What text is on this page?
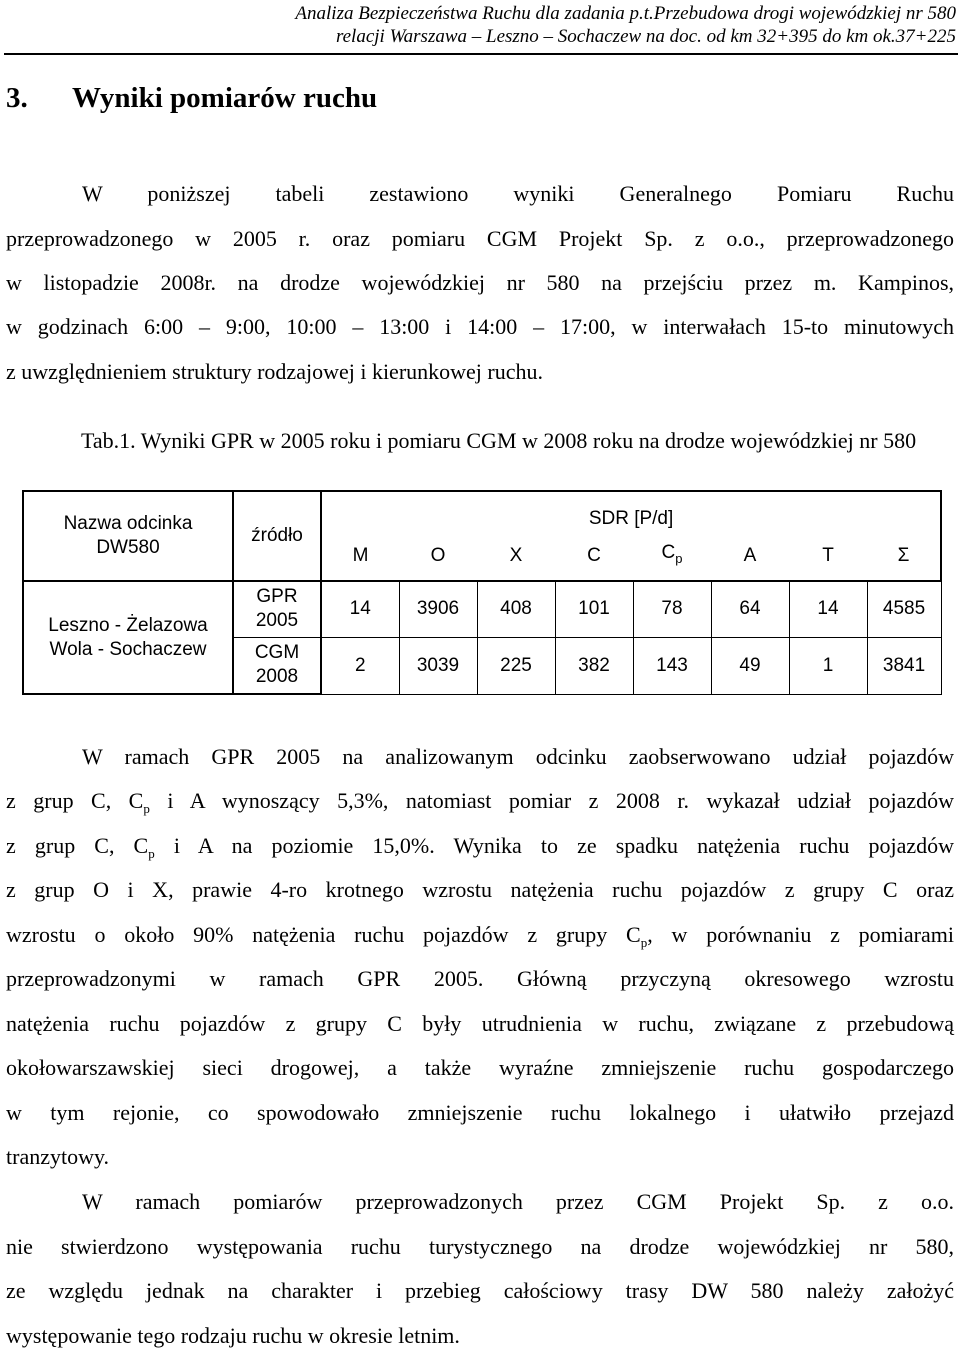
Analiza Bezpieczeństwa Ruchu dla zadania p.t.Przebudowa drogi wojewódzkiej nr 580
relacji Warszawa – Leszno – Sochaczew na doc. od km 32+395 do km ok.37+225
3. Wyniki pomiarów ruchu
W poniższej tabeli zestawiono wyniki Generalnego Pomiaru Ruchu
przeprowadzonego w 2005 r. oraz pomiaru CGM Projekt Sp. z o.o., przeprowadzonego
w listopadzie 2008r. na drodze wojewódzkiej nr 580 na przejściu przez m. Kampinos,
w godzinach 6:00 – 9:00, 10:00 – 13:00 i 14:00 – 17:00, w interwałach 15-to minutowych
z uwzględnieniem struktury rodzajowej i kierunkowej ruchu.
Tab.1. Wyniki GPR w 2005 roku i pomiaru CGM w 2008 roku na drodze wojewódzkiej nr 580
Nazwa odcinka DW580	źródło	SDR [P/d]							
		M	O	X	C	$C_p$	A	T	Σ
Leszno - Żelazowa Wola - Sochaczew	GPR 2005	14	3906	408	101	78	64	14	4585
	CGM 2008	2	3039	225	382	143	49	1	3841
W ramach GPR 2005 na analizowanym odcinku zaobserwowano udział pojazdów
z grup C, $C_p$ i A wynoszący 5,3%, natomiast pomiar z 2008 r. wykazał udział pojazdów
z grup C, $C_p$ i A na poziomie 15,0%. Wynika to ze spadku natężenia ruchu pojazdów
z grup O i X, prawie 4-ro krotnego wzrostu natężenia ruchu pojazdów z grupy C oraz
wzrostu o około 90% natężenia ruchu pojazdów z grupy $C_p$, w porównaniu z pomiarami
przeprowadzonymi w ramach GPR 2005. Główną przyczyną okresowego wzrostu
natężenia ruchu pojazdów z grupy C były utrudnienia w ruchu, związane z przebudową
okołowarszawskiej sieci drogowej, a także wyraźne zmniejszenie ruchu gospodarczego
w tym rejonie, co spowodowało zmniejszenie ruchu lokalnego i ułatwiło przejazd
tranzytowy.
W ramach pomiarów przeprowadzonych przez CGM Projekt Sp. z o.o.
nie stwierdzono występowania ruchu turystycznego na drodze wojewódzkiej nr 580,
ze względu jednak na charakter i przebieg całościowy trasy DW 580 należy założyć
występowanie tego rodzaju ruchu w okresie letnim.
